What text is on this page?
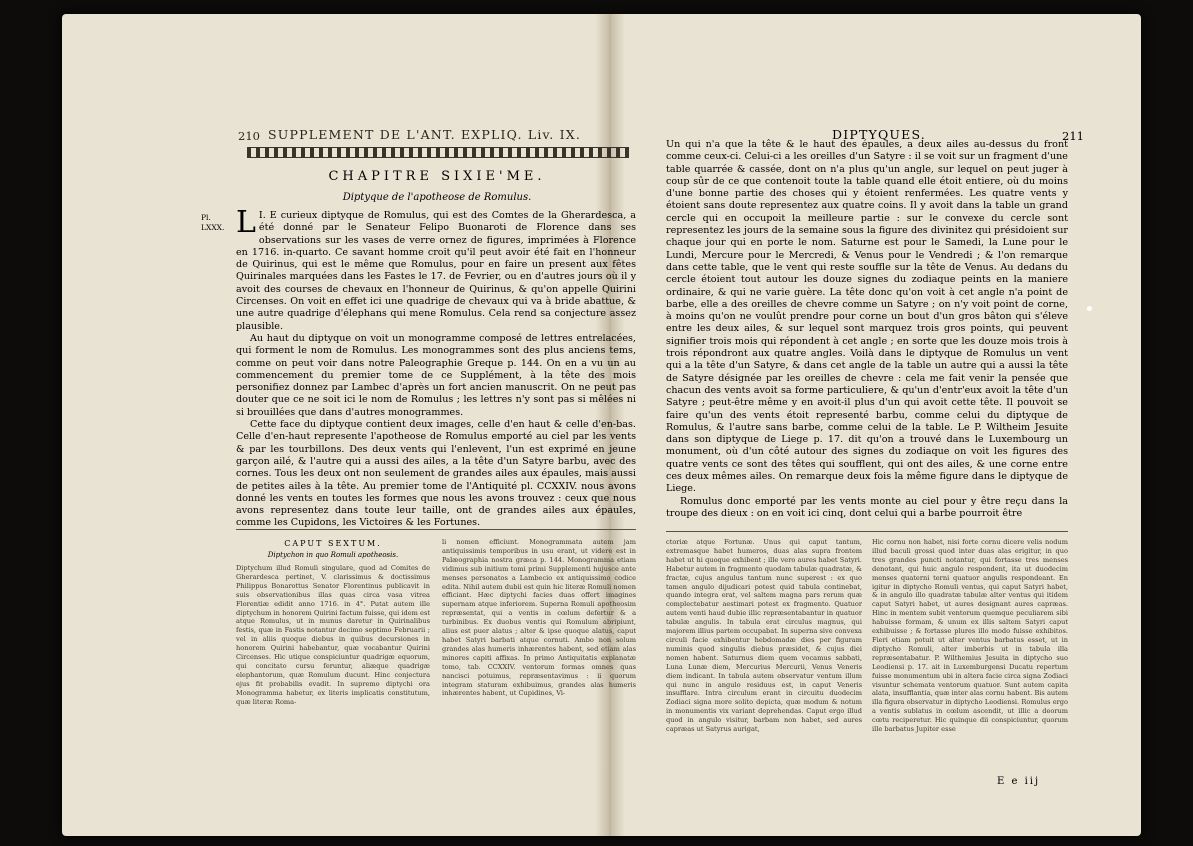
210 SUPPLEMENT DE L'ANT. EXPLIQ. Liv. IX.
CHAPITRE SIXIE'ME.
Diptyque de l'apotheose de Romulus.
Pl. LXXX. L I. E curieux diptyque de Romulus, qui est des Comtes de la Gherardesca, a été donné par le Senateur Felipo Buonaroti de Florence dans ses observations sur les vases de verre ornez de figures, imprimées à Florence en 1716. in-quarto. Ce savant homme croit qu'il peut avoir été fait en l'honneur de Quirinus, qui est le même que Romulus, pour en faire un present aux fêtes Quirinales marquées dans les Fastes le 17. de Fevrier, ou en d'autres jours où il y avoit des courses de chevaux en l'honneur de Quirinus, & qu'on appelle Quirini Circenses. On voit en effet ici une quadrige de chevaux qui va à bride abattue, & une autre quadrige d'élephans qui mene Romulus. Cela rend sa conjecture assez plausible.

Au haut du diptyque on voit un monogramme composé de lettres entrelacées, qui forment le nom de Romulus. Les monogrammes sont des plus anciens tems, comme on peut voir dans notre Paleographie Greque p. 144. On en a vu un au commencement du premier tome de ce Supplément, à la tête des mois personifiez donnez par Lambec d'après un fort ancien manuscrit. On ne peut pas douter que ce ne soit ici le nom de Romulus ; les lettres n'y sont pas si mêlées ni si brouillées que dans d'autres monogrammes.

Cette face du diptyque contient deux images, celle d'en haut & celle d'en-bas. Celle d'en-haut represente l'apotheose de Romulus emporté au ciel par les vents & par les tourbillons. Des deux vents qui l'enlevent, l'un est exprimé en jeune garçon ailé, & l'autre qui a aussi des ailes, a la tête d'un Satyre barbu, avec des cornes. Tous les deux ont non seulement de grandes ailes aux épaules, mais aussi de petites ailes à la tête. Au premier tome de l'Antiquité pl. CCXXIV. nous avons donné les vents en toutes les formes que nous les avons trouvez : ceux que nous avons representez dans toute leur taille, ont de grandes ailes aux épaules, comme les Cupidons, les Victoires & les Fortunes.

CAPUT SEXTUM.
Diptychon in quo Romuli apotheosis.

Diptychum illud Romuli singulare, quod ad Comites de Gherardesca pertinet, V. clarissimus & doctissimus Philippus Bonarottus Senator Florentinus publicavit in suis observationibus illas quas circa vasa vitrea Florentiæ edidit anno 1716. in 4°. Putat autem ille diptychum in honorem Quirini factum fuisse, qui idem est atque Romulus, ut in munus daretur in Quirinalibus festis, quæ in Fastis notantur decimo septimo Februarii ; vel in aliis quoque diebus in quibus decursiones in honorem Quirini habebantur, quæ vocabantur Quirini Circenses. Hic utique conspiciuntur quadrigæ equorum, qui concitato cursu feruntur, aliæque quadrigæ elephantorum, quæ Romulum ducunt. Hinc conjectura ejus fit probabilis evadit. In supremo diptychi ora Monogramma habetur, ex literis implicatis constitutum, quæ literæ Roma-

li nomen efficiunt. Monogrammata autem jam antiquissimis temporibus in usu erant, ut videre est in Palæographia nostra græca p. 144. Monogramma etiam vidimus sub initium tomi primi Supplementi hujusce ante menses personatos a Lambecio ex antiquissimo codice edita. Nihil autem dubii est quin hic literæ Romuli nomen efficiant. Hæc diptychi facies duas offert imagines supernam atque inferiorem. Superna Romuli apotheosim repræsentat, qui a ventis in cœlum defertur & a turbinibus. Ex duobus ventis qui Romulum abripiunt, alius est puer alatus ; alter & ipse quoque alatus, caput habet Satyri barbati atque cornuti. Ambo non solum grandes alas humeris inhærentes habent, sed etiam alas minores capiti affixas. In primo Antiquitatis explanatæ tomo, tab. CCXXIV. ventorum formas omnes quas nancisci potuimus, repræsentavimus : ii quorum integram staturam exhibuimus, grandes alas humeris inhærentes habent, ut Cupidines, Vi-

DIPTYQUES.	211

Un qui n'a que la tête & le haut des épaules, a deux ailes au-dessus du front comme ceux-ci. Celui-ci a les oreilles d'un Satyre : il se voit sur un fragment d'une table quarrée & cassée, dont on n'a plus qu'un angle, sur lequel on peut juger à coup sûr de ce que contenoit toute la table quand elle étoit entiere, où du moins d'une bonne partie des choses qui y étoient renfermées. Les quatre vents y étoient sans doute representez aux quatre coins. Il y avoit dans la table un grand cercle qui en occupoit la meilleure partie : sur le convexe du cercle sont representez les jours de la semaine sous la figure des divinitez qui présidoient sur chaque jour qui en porte le nom. Saturne est pour le Samedi, la Lune pour le Lundi, Mercure pour le Mercredi, & Venus pour le Vendredi ; & l'on remarque dans cette table, que le vent qui reste souffle sur la tête de Venus. Au dedans du cercle étoient tout autour les douze signes du zodiaque peints en la maniere ordinaire, & qui ne varie guère. La tête donc qu'on voit à cet angle n'a point de barbe, elle a des oreilles de chevre comme un Satyre ; on n'y voit point de corne, à moins qu'on ne voulût prendre pour corne un bout d'un gros bâton qui s'éleve entre les deux ailes, & sur lequel sont marquez trois gros points, qui peuvent signifier trois mois qui répondent à cet angle ; en sorte que les douze mois trois à trois répondront aux quatre angles. Voilà dans le diptyque de Romulus un vent qui a la tête d'un Satyre, & dans cet angle de la table un autre qui a aussi la tête de Satyre désignée par les oreilles de chevre : cela me fait venir la pensée que chacun des vents avoit sa forme particuliere, & qu'un d'entr'eux avoit la tête d'un Satyre ; peut-être même y en avoit-il plus d'un qui avoit cette tête. Il pouvoit se faire qu'un des vents étoit representé barbu, comme celui du diptyque de Romulus, & l'autre sans barbe, comme celui de la table. Le P. Wiltheim Jesuite dans son diptyque de Liege p. 17. dit qu'on a trouvé dans le Luxembourg un monument, où d'un côté autour des signes du zodiaque on voit les figures des quatre vents ce sont des têtes qui soufflent, qui ont des ailes, & une corne entre ces deux mêmes ailes. On remarque deux fois la même figure dans le diptyque de Liege.

Romulus donc emporté par les vents monte au ciel pour y être reçu dans la troupe des dieux : on en voit ici cinq, dont celui qui a barbe pourroit être

ctoriæ atque Fortunæ. Unus qui caput tantum, extremasque habet humeros, duas alas supra frontem habet ut hi quoque exhibent ; ille vero aures habet Satyri. Habetur autem in fragmento quodam tabulæ quadratæ, & fractæ, cujus angulus tantum nunc superest : ex quo tamen angulo dijudicari potest quid tabula continebat, quando integra erat, vel saltem magna pars rerum quæ complectebatur aestimari potest ex fragmento. Quatuor autem venti haud dubie illic repræsentabantur in quatuor tabulæ angulis. In tabula erat circulus magnus, qui majorem illius partem occupabat. In superna sive convexa circuli facie exhibentur hebdomadæ dies per figuram numinis quod singulis diebus præsidet, & cujus diei nomen habent. Saturnus diem quem vocamus sabbati, Luna Lunæ diem, Mercurius Mercurii, Venus Veneris diem indicant. In tabula autem observatur ventum illum qui nunc in angulo residuus est, in caput Veneris insufflare. Intra circulum erant in circuitu duodecim Zodiaci signa more solito depicta, quæ modum & notum in monumentis vix variant deprehendas. Caput ergo illud quod in angulo visitur, barbam non habet, sed aures capræas ut Satyrus aurigat,

Hic cornu non habet, nisi forte cornu dicere velis nodum illud baculi grossi quod inter duas alas erigitur, in quo tres grandes puncti notantur, qui fortasse tres menses denotant, qui huic angulo respondent, ita ut duodecim menses quaterni terni quatuor angulis respondeant. En igitur in diptycho Romuli ventus, qui caput Satyri habet, & in angulo illo quadratæ tabulæ alter ventus qui itidem caput Satyri habet, ut aures designant aures capræas. Hinc in mentem subit ventorum quemque peculiarem sibi habuisse formam, & unum ex illis saltem Satyri caput exhibuisse ; & fortasse plures illo modo fuisse exhibitos. Fieri etiam potuit ut alter ventus barbatus esset, ut in diptycho Romuli, alter imberbis ut in tabula illa repræsentabatur. P. Wilthemius Jesuita in diptycho suo Leodiensi p. 17. ait in Luxemburgensi Ducatu repertum fuisse monumentum ubi in altera facie circa signa Zodiaci visuntur schemata ventorum quatuor. Sunt autem capita alata, insufflantia, quæ inter alas cornu habent. Bis autem illa figura observatur in diptycho Leodiensi. Romulus ergo a ventis sublatus in cœlum ascendit, ut illic a deorum cœtu reciperetur. Hic quinque dii conspiciuntur, quorum ille barbatus Jupiter esse

E e iij
